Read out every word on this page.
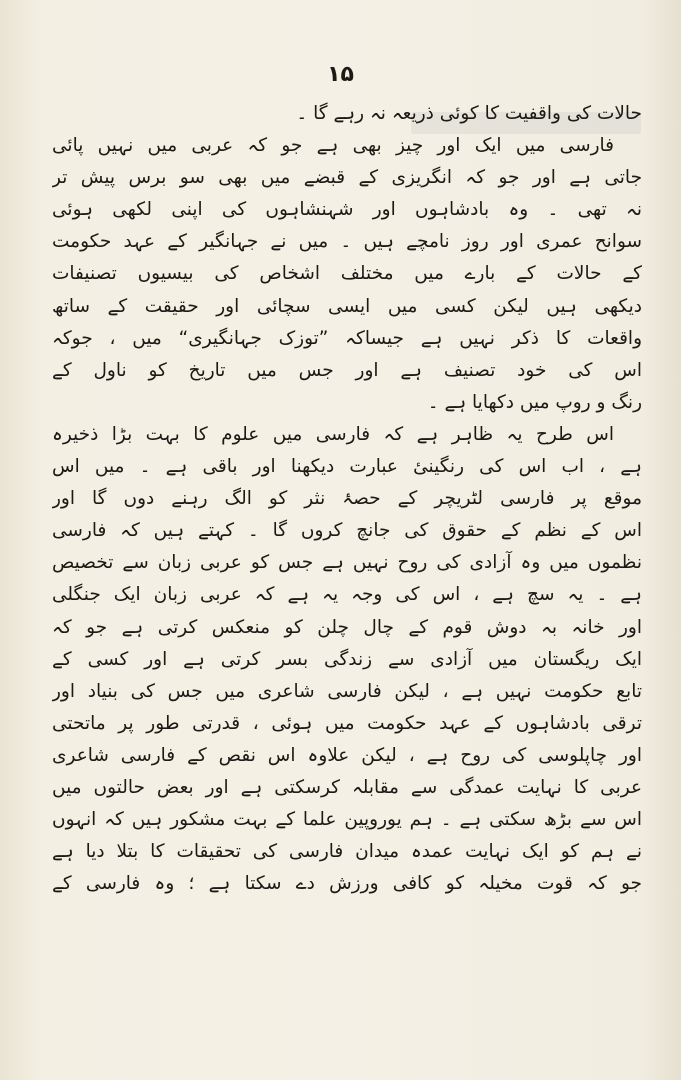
۱۵
حالات کی واقفیت کا کوئی ذریعہ نہ رہے گا ۔
فارسی میں ایک اور چیز بھی ہے جو کہ عربی میں نہیں پائی
جاتی ہے اور جو کہ انگریزی کے قبضے میں بھی سو برس پیش تر
نہ تھی ۔ وہ بادشاہوں اور شہنشاہوں کی اپنی لکھی ہوئی
سوانح عمری اور روز نامچے ہیں ۔ میں نے جہانگیر کے عہد حکومت
کے حالات کے بارے میں مختلف اشخاص کی بیسیوں تصنیفات
دیکھی ہیں لیکن کسی میں ایسی سچائی اور حقیقت کے ساتھ
واقعات کا ذکر نہیں ہے جیساکہ ”توزک جہانگیری“ میں ، جوکہ
اس کی خود تصنیف ہے اور جس میں تاریخ کو ناول کے
رنگ و روپ میں دکھایا ہے ۔
اس طرح یہ ظاہر ہے کہ فارسی میں علوم کا بہت بڑا ذخیرہ
ہے ، اب اس کی رنگینیٔ عبارت دیکھنا اور باقی ہے ۔ میں اس
موقع پر فارسی لٹریچر کے حصۂ نثر کو الگ رہنے دوں گا اور
اس کے نظم کے حقوق کی جانچ کروں گا ۔ کہتے ہیں کہ فارسی
نظموں میں وہ آزادی کی روح نہیں ہے جس کو عربی زبان سے تخصیص
ہے ۔ یہ سچ ہے ، اس کی وجہ یہ ہے کہ عربی زبان ایک جنگلی
اور خانہ بہ دوش قوم کے چال چلن کو منعکس کرتی ہے جو کہ
ایک ریگستان میں آزادی سے زندگی بسر کرتی ہے اور کسی کے
تابع حکومت نہیں ہے ، لیکن فارسی شاعری میں جس کی بنیاد اور
ترقی بادشاہوں کے عہد حکومت میں ہوئی ، قدرتی طور پر ماتحتی
اور چاپلوسی کی روح ہے ، لیکن علاوہ اس نقص کے فارسی شاعری
عربی کا نہایت عمدگی سے مقابلہ کرسکتی ہے اور بعض حالتوں میں
اس سے بڑھ سکتی ہے ۔ ہم یوروپین علما کے بہت مشکور ہیں کہ انہوں
نے ہم کو ایک نہایت عمدہ میدان فارسی کی تحقیقات کا بتلا دیا ہے
جو کہ قوت مخیلہ کو کافی ورزش دے سکتا ہے ؛ وہ فارسی کے
